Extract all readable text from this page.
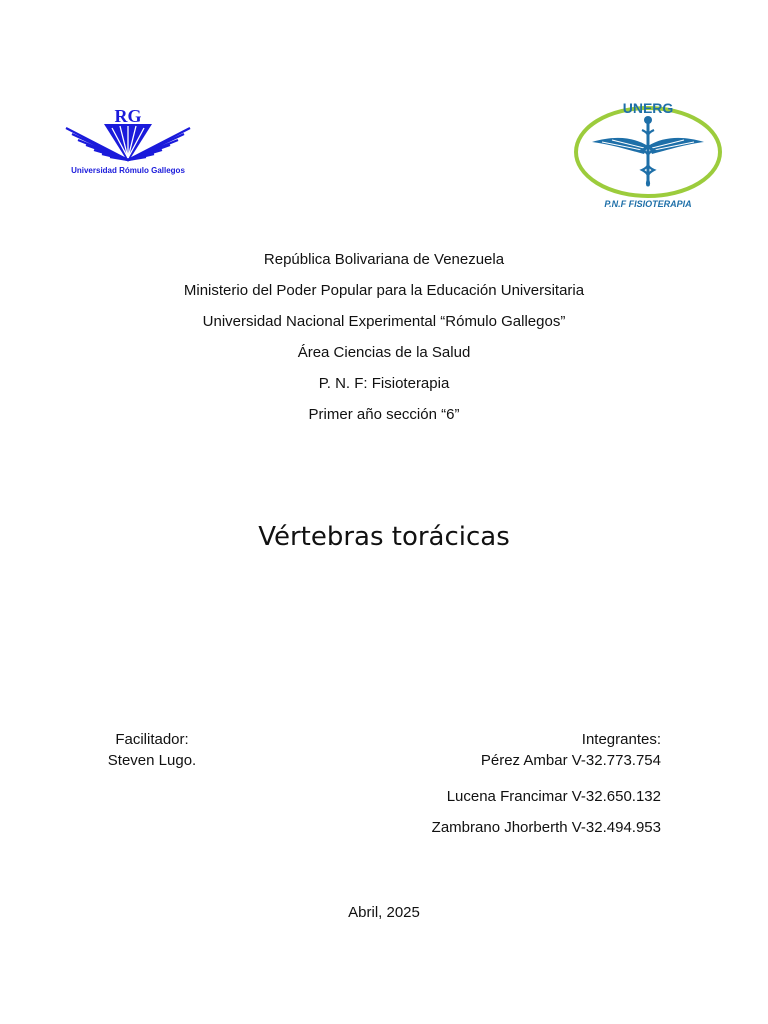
RG
Universidad Rómulo Gallegos
UNERG
P.N.F FISIOTERAPIA
República Bolivariana de Venezuela
Ministerio del Poder Popular para la Educación Universitaria
Universidad Nacional Experimental “Rómulo Gallegos”
Área Ciencias de la Salud
P. N. F: Fisioterapia
Primer año sección “6”
Vértebras torácicas
Facilitador:
Steven Lugo.
Integrantes:
Pérez Ambar V-32.773.754
Lucena Francimar V-32.650.132
Zambrano Jhorberth V-32.494.953
Abril, 2025
